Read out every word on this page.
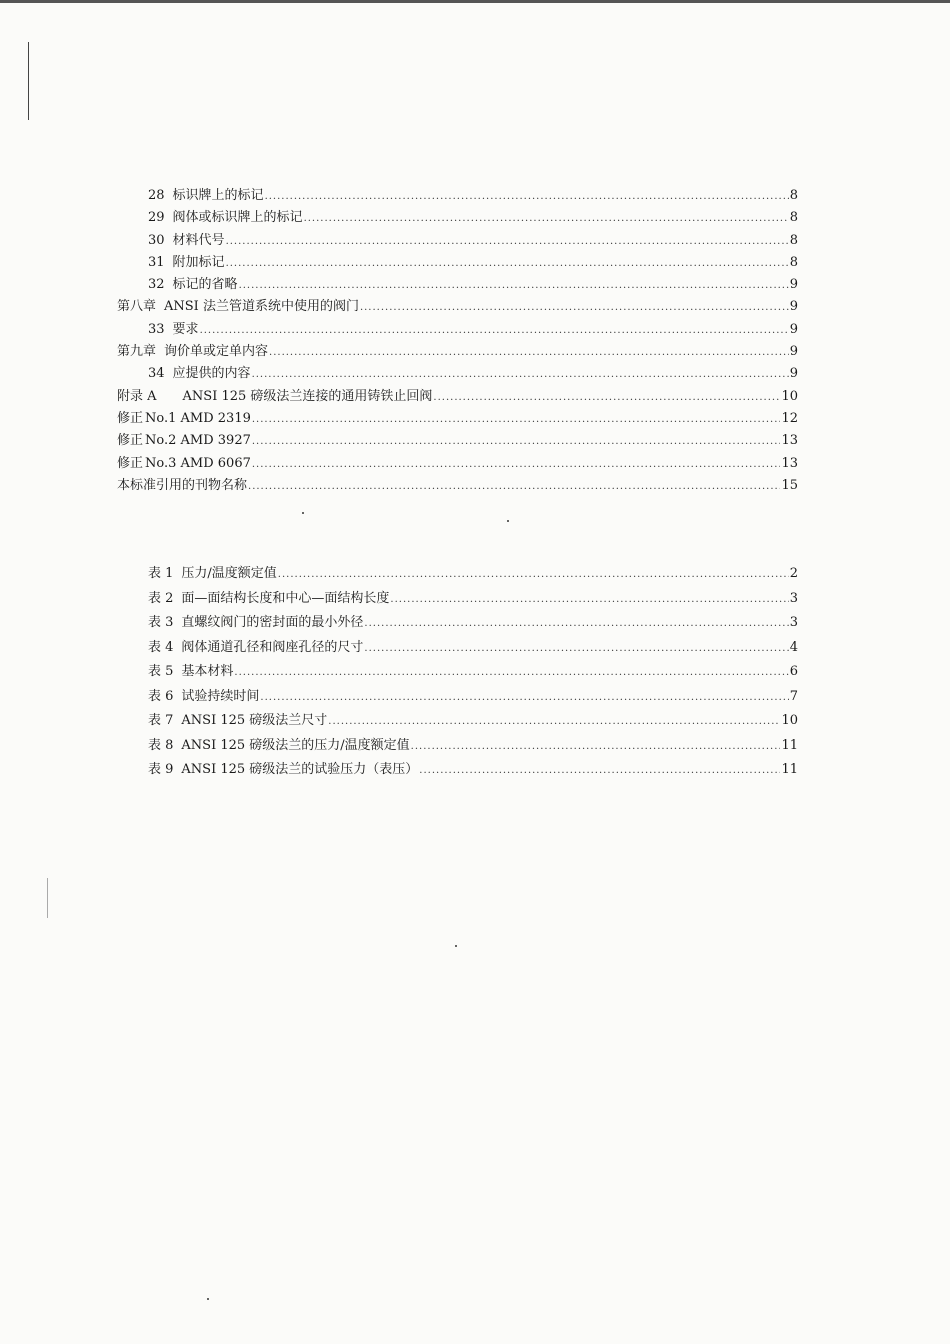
28 标识牌上的标记 .....	8
29 阀体或标识牌上的标记 .....	8
30 材料代号 .....	8
31 附加标记 .....	8
32 标记的省略 .....	9
第八章 ANSI 法兰管道系统中使用的阀门 .....	9
33 要求 .....	9
第九章 询价单或定单内容 .....	9
34 应提供的内容 .....	9
附录 A ANSI 125 磅级法兰连接的通用铸铁止回阀 .....	10
修正 No.1 AMD 2319 .....	12
修正 No.2 AMD 3927 .....	13
修正 No.3 AMD 6067 .....	13
本标准引用的刊物名称 .....	15
表 1 压力/温度额定值 .....	2
表 2 面—面结构长度和中心—面结构长度 .....	3
表 3 直螺纹阀门的密封面的最小外径 .....	3
表 4 阀体通道孔径和阀座孔径的尺寸 .....	4
表 5 基本材料 .....	6
表 6 试验持续时间 .....	7
表 7 ANSI 125 磅级法兰尺寸 .....	10
表 8 ANSI 125 磅级法兰的压力/温度额定值 .....	11
表 9 ANSI 125 磅级法兰的试验压力（表压） .....	11
